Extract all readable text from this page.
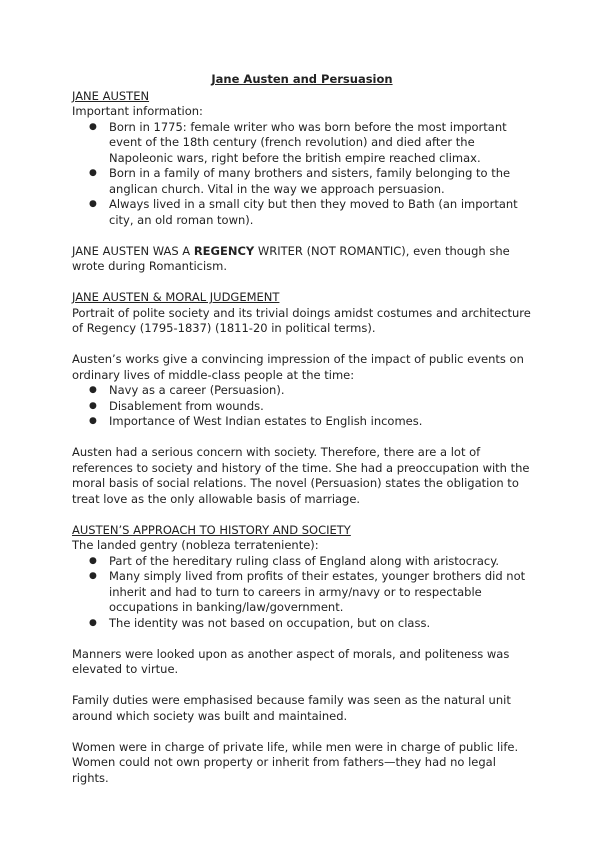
Jane Austen and Persuasion

JANE AUSTEN

Important information:

● Born in 1775: female writer who was born before the most important event of the 18th century (french revolution) and died after the Napoleonic wars, right before the british empire reached climax.
● Born in a family of many brothers and sisters, family belonging to the anglican church. Vital in the way we approach persuasion.
● Always lived in a small city but then they moved to Bath (an important city, an old roman town).

JANE AUSTEN WAS A REGENCY WRITER (NOT ROMANTIC), even though she wrote during Romanticism.

JANE AUSTEN & MORAL JUDGEMENT

Portrait of polite society and its trivial doings amidst costumes and architecture of Regency (1795-1837) (1811-20 in political terms).

Austen’s works give a convincing impression of the impact of public events on ordinary lives of middle-class people at the time:

● Navy as a career (Persuasion).
● Disablement from wounds.
● Importance of West Indian estates to English incomes.

Austen had a serious concern with society. Therefore, there are a lot of references to society and history of the time. She had a preoccupation with the moral basis of social relations. The novel (Persuasion) states the obligation to treat love as the only allowable basis of marriage.

AUSTEN’S APPROACH TO HISTORY AND SOCIETY

The landed gentry (nobleza terrateniente):

● Part of the hereditary ruling class of England along with aristocracy.
● Many simply lived from profits of their estates, younger brothers did not inherit and had to turn to careers in army/navy or to respectable occupations in banking/law/government.
● The identity was not based on occupation, but on class.

Manners were looked upon as another aspect of morals, and politeness was elevated to virtue.

Family duties were emphasised because family was seen as the natural unit around which society was built and maintained.

Women were in charge of private life, while men were in charge of public life. Women could not own property or inherit from fathers—they had no legal rights.
